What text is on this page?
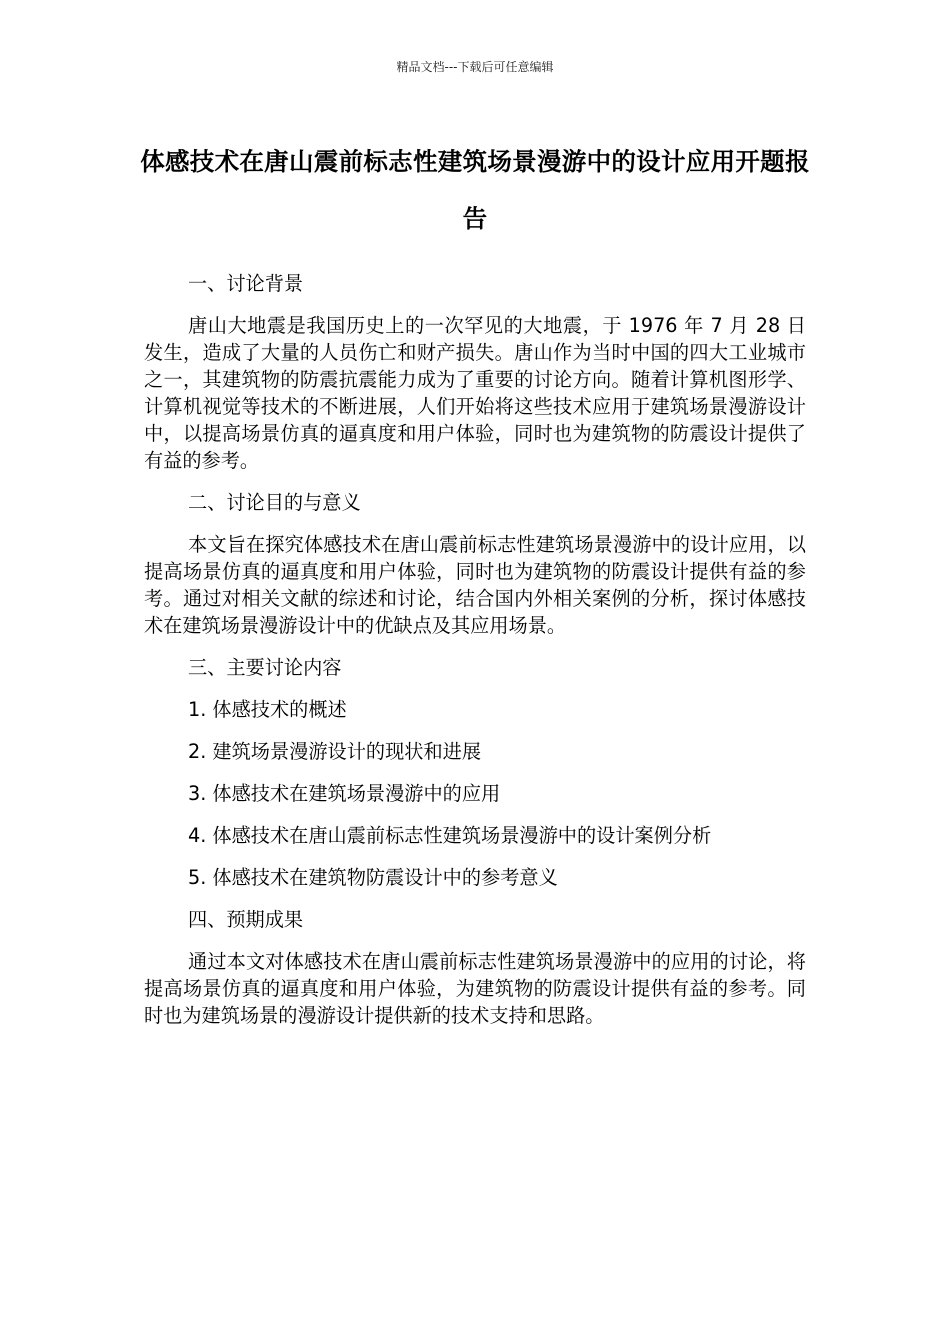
精品文档---下载后可任意编辑
体感技术在唐山震前标志性建筑场景漫游中的设计应用开题报告

一、讨论背景

唐山大地震是我国历史上的一次罕见的大地震，于 1976 年 7 月 28 日发生，造成了大量的人员伤亡和财产损失。唐山作为当时中国的四大工业城市之一，其建筑物的防震抗震能力成为了重要的讨论方向。随着计算机图形学、计算机视觉等技术的不断进展，人们开始将这些技术应用于建筑场景漫游设计中，以提高场景仿真的逼真度和用户体验，同时也为建筑物的防震设计提供了有益的参考。

二、讨论目的与意义

本文旨在探究体感技术在唐山震前标志性建筑场景漫游中的设计应用，以提高场景仿真的逼真度和用户体验，同时也为建筑物的防震设计提供有益的参考。通过对相关文献的综述和讨论，结合国内外相关案例的分析，探讨体感技术在建筑场景漫游设计中的优缺点及其应用场景。

三、主要讨论内容

1. 体感技术的概述

2. 建筑场景漫游设计的现状和进展

3. 体感技术在建筑场景漫游中的应用

4. 体感技术在唐山震前标志性建筑场景漫游中的设计案例分析

5. 体感技术在建筑物防震设计中的参考意义

四、预期成果

通过本文对体感技术在唐山震前标志性建筑场景漫游中的应用的讨论，将提高场景仿真的逼真度和用户体验，为建筑物的防震设计提供有益的参考。同时也为建筑场景的漫游设计提供新的技术支持和思路。
